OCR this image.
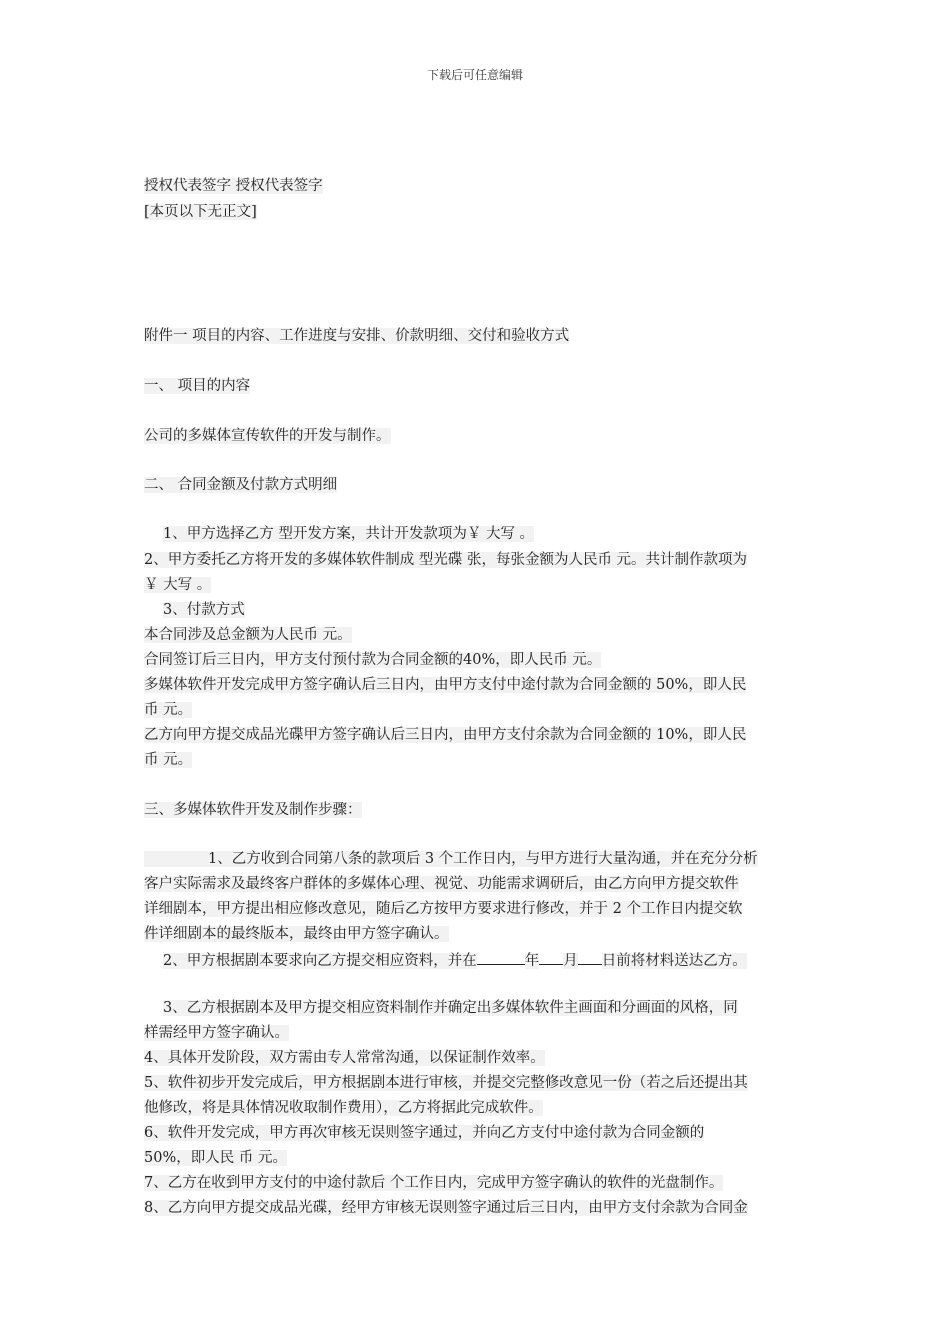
下载后可任意编辑
授权代表签字 授权代表签字
[本页以下无正文]
附件一 项目的内容、工作进度与安排、价款明细、交付和验收方式
一、 项目的内容
公司的多媒体宣传软件的开发与制作。
二、 合同金额及付款方式明细
1、甲方选择乙方 型开发方案，共计开发款项为￥ 大写 。
2、甲方委托乙方将开发的多媒体软件制成 型光碟 张，每张金额为人民币 元。共计制作款项为
￥ 大写 。
3、付款方式
本合同涉及总金额为人民币 元。
合同签订后三日内，甲方支付预付款为合同金额的40%，即人民币 元。
多媒体软件开发完成甲方签字确认后三日内，由甲方支付中途付款为合同金额的 50%，即人民
币 元。
乙方向甲方提交成品光碟甲方签字确认后三日内，由甲方支付余款为合同金额的 10%，即人民
币 元。
三、多媒体软件开发及制作步骤：
1、乙方收到合同第八条的款项后 3 个工作日内，与甲方进行大量沟通，并在充分分析
客户实际需求及最终客户群体的多媒体心理、视觉、功能需求调研后，由乙方向甲方提交软件
详细剧本，甲方提出相应修改意见，随后乙方按甲方要求进行修改，并于 2 个工作日内提交软
件详细剧本的最终版本，最终由甲方签字确认。
2、甲方根据剧本要求向乙方提交相应资料，并在	年 月 日前将材料送达乙方。
3、乙方根据剧本及甲方提交相应资料制作并确定出多媒体软件主画面和分画面的风格，同
样需经甲方签字确认。
4、具体开发阶段，双方需由专人常常沟通，以保证制作效率。
5、软件初步开发完成后，甲方根据剧本进行审核，并提交完整修改意见一份（若之后还提出其
他修改，将是具体情况收取制作费用），乙方将据此完成软件。
6、软件开发完成，甲方再次审核无误则签字通过，并向乙方支付中途付款为合同金额的
50%，即人民 币 元。
7、乙方在收到甲方支付的中途付款后 个工作日内，完成甲方签字确认的软件的光盘制作。
8、乙方向甲方提交成品光碟，经甲方审核无误则签字通过后三日内，由甲方支付余款为合同金
